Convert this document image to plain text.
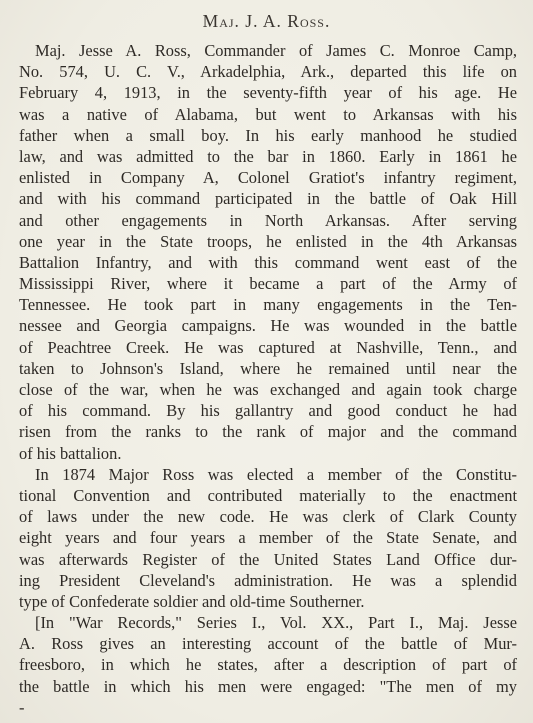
Maj. J. A. Ross.
Maj. Jesse A. Ross, Commander of James C. Monroe Camp,
No. 574, U. C. V., Arkadelphia, Ark., departed this life on
February 4, 1913, in the seventy-fifth year of his age. He
was a native of Alabama, but went to Arkansas with his
father when a small boy. In his early manhood he studied
law, and was admitted to the bar in 1860. Early in 1861 he
enlisted in Company A, Colonel Gratiot's infantry regiment,
and with his command participated in the battle of Oak Hill
and other engagements in North Arkansas. After serving
one year in the State troops, he enlisted in the 4th Arkansas
Battalion Infantry, and with this command went east of the
Mississippi River, where it became a part of the Army of
Tennessee. He took part in many engagements in the Ten-
nessee and Georgia campaigns. He was wounded in the battle
of Peachtree Creek. He was captured at Nashville, Tenn., and
taken to Johnson's Island, where he remained until near the
close of the war, when he was exchanged and again took charge
of his command. By his gallantry and good conduct he had
risen from the ranks to the rank of major and the command
of his battalion.
In 1874 Major Ross was elected a member of the Constitu-
tional Convention and contributed materially to the enactment
of laws under the new code. He was clerk of Clark County
eight years and four years a member of the State Senate, and
was afterwards Register of the United States Land Office dur-
ing President Cleveland's administration. He was a splendid
type of Confederate soldier and old-time Southerner.
[In "War Records," Series I., Vol. XX., Part I., Maj. Jesse
A. Ross gives an interesting account of the battle of Mur-
freesboro, in which he states, after a description of part of
the battle in which his men were engaged: "The men of my
-
